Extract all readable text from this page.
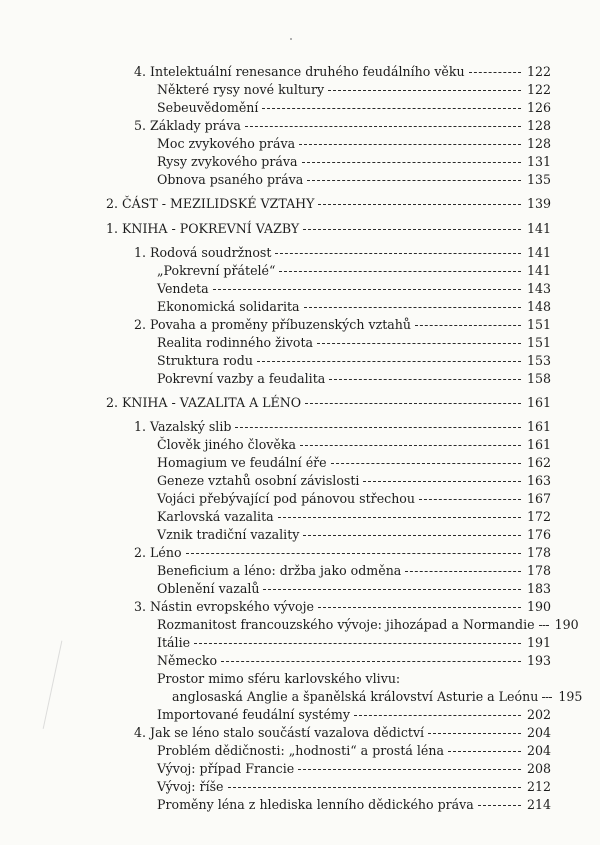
4. Intelektuální renesance druhého feudálního věku	122
Některé rysy nové kultury	122
Sebeuvědomění	126
5. Základy práva	128
Moc zvykového práva	128
Rysy zvykového práva	131
Obnova psaného práva	135
2. ČÁST - MEZILIDSKÉ VZTAHY	139
1. KNIHA - POKREVNÍ VAZBY	141
1. Rodová soudržnost	141
„Pokrevní přátelé“	141
Vendeta	143
Ekonomická solidarita	148
2. Povaha a proměny příbuzenských vztahů	151
Realita rodinného života	151
Struktura rodu	153
Pokrevní vazby a feudalita	158
2. KNIHA - VAZALITA A LÉNO	161
1. Vazalský slib	161
Člověk jiného člověka	161
Homagium ve feudální éře	162
Geneze vztahů osobní závislosti	163
Vojáci přebývající pod pánovou střechou	167
Karlovská vazalita	172
Vznik tradiční vazality	176
2. Léno	178
Beneficium a léno: držba jako odměna	178
Oblenění vazalů	183
3. Nástin evropského vývoje	190
Rozmanitost francouzského vývoje: jihozápad a Normandie 190
Itálie	191
Německo	193
Prostor mimo sféru karlovského vlivu:
anglosaská Anglie a španělská království Asturie a Leónu 195
Importované feudální systémy	202
4. Jak se léno stalo součástí vazalova dědictví	204
Problém dědičnosti: „hodnosti“ a prostá léna	204
Vývoj: případ Francie	208
Vývoj: říše	212
Proměny léna z hlediska lenního dědického práva	214
